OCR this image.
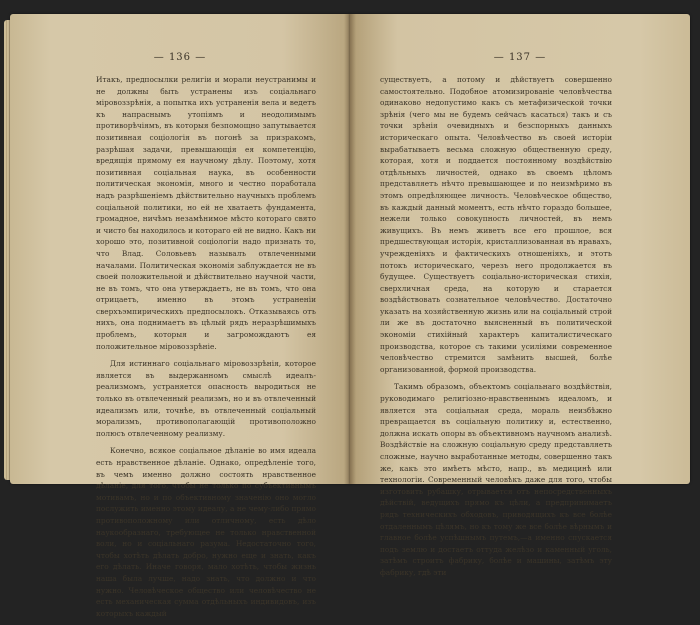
— 136 —

Итакъ, предпосылки религіи и морали неустранимы и не должны быть устранены изъ соціальнаго міровоззрѣнія, а попытка ихъ устраненія вела и ведетъ къ напраснымъ утопіямъ и неодолимымъ противорѣчіямъ, въ которыя безпомощно запутывается позитивная соціологія въ погонѣ за призракомъ, разрѣшая задачи, превышающія ея компетенцію, вредящія прямому ея научному дѣлу. Поэтому, хотя позитивная соціальная наука, въ особенности политическая экономія, много и честно поработала надъ разрѣшеніемъ дѣйствительно научныхъ проблемъ соціальной политики, но ей не хватаетъ фундамента, громадное, ничѣмъ незамѣнимое мѣсто котораго свято и чисто бы находилось и котораго ей не видно. Какъ ни хорошо это, позитивной соціологіи надо признать то, что Влад. Соловьевъ называлъ отвлеченными началами. Политическая экономія заблуждается не въ своей положительной и дѣйствительно научной части, не въ томъ, что она утверждаетъ, не въ томъ, что она отрицаетъ, именно въ этомъ устраненіи сверхъэмпирическихъ предпосылокъ. Отказываясь отъ нихъ, она поднимаетъ въ цѣлый рядъ неразрѣшимыхъ проблемъ, которыя и загромождаютъ ея положительное міровоззрѣніе.

Для истиннаго соціальнаго міровоззрѣнія, которое является въ выдержанномъ смыслѣ идеалъ-реализмомъ, устраняется опасность выродиться не только въ отвлеченный реализмъ, но и въ отвлеченный идеализмъ или, точнѣе, въ отвлеченный соціальный морализмъ, противополагающій противоположно полюсъ отвлеченному реализму.

Конечно, всякое соціальное дѣланіе во имя идеала есть нравственное дѣланіе. Однако, опредѣленіе того, въ чемъ именно должно состоять нравственное дѣланіе, для того, чтобы не только по субъективнымъ мотивамъ, но и по объективному значенію оно могло послужить именно этому идеалу, а не чему-либо прямо противоположному или отличному, есть дѣло наукообразнаго, требующее не только нравственной воли, но и соціальнаго разума. Недостаточно того, чтобы хотѣть дѣлать добро, нужно еще и знать, какъ его дѣлать. Иначе говоря, мало хотѣть, чтобы жизнь наша была лучше, надо знать, что должно и что нужно. Человѣческое общество или человѣчество не есть механическая сумма отдѣльныхъ индивидовъ, изъ которыхъ каждый

— 137 —

существуетъ, а потому и дѣйствуетъ совершенно самостоятельно. Подобное атомизированіе человѣчества одинаково недопустимо какъ съ метафизической точки зрѣнія (чего мы не будемъ сейчасъ касаться) такъ и съ точки зрѣнія очевидныхъ и безспорныхъ данныхъ историческаго опыта. Человѣчество въ своей исторіи вырабатываетъ весьма сложную общественную среду, которая, хотя и поддается постоянному воздѣйствію отдѣльныхъ личностей, однако въ своемъ цѣломъ представляетъ нѣчто превышающее и по неизмѣримо въ этомъ опредѣляющее личность. Человѣческое общество, въ каждый данный моментъ, есть нѣчто гораздо большее, нежели только совокупность личностей, въ немъ живущихъ. Въ немъ живетъ все его прошлое, вся предшествующая исторія, кристаллизованная въ нравахъ, учрежденіяхъ и фактическихъ отношеніяхъ, и этотъ потокъ историческаго, черезъ него продолжается въ будущее. Существуетъ соціально-историческая стихія, сверхличная среда, на которую и старается воздѣйствовать сознательное человѣчество. Достаточно указать на хозяйственную жизнь или на соціальный строй ли же въ достаточно выясненный въ политической экономіи стихійный характеръ капиталистическаго производства, которое съ такими усиліями современное человѣчество стремится замѣнить высшей, болѣе организованной, формой производства.

Такимъ образомъ, объектомъ соціальнаго воздѣйствія, руководимаго религіозно-нравственнымъ идеаломъ, и является эта соціальная среда, мораль неизбѣжно превращается въ соціальную политику и, естественно, должна искать опоры въ объективномъ научномъ анализѣ. Воздѣйствіе на сложную соціальную среду представляетъ сложные, научно выработанные методы, совершенно такъ же, какъ это имѣетъ мѣсто, напр., въ медицинѣ или технологіи. Современный человѣкъ даже для того, чтобы изготовить рубашку, отрывается отъ непосредственныхъ дѣйствій, ведущихъ прямо къ цѣли, а предпринимаетъ рядъ техническихъ обходовъ, приводящихъ къ все болѣе отдаленнымъ цѣлямъ, но къ тому же все болѣе вѣрнымъ и главное болѣе успѣшнымъ путемъ,—а именно спускается подъ землю и достаетъ оттуда желѣзо и каменный уголь, затѣмъ строитъ фабрику, болѣе и машины, затѣмъ эту фабрику, гдѣ эти
